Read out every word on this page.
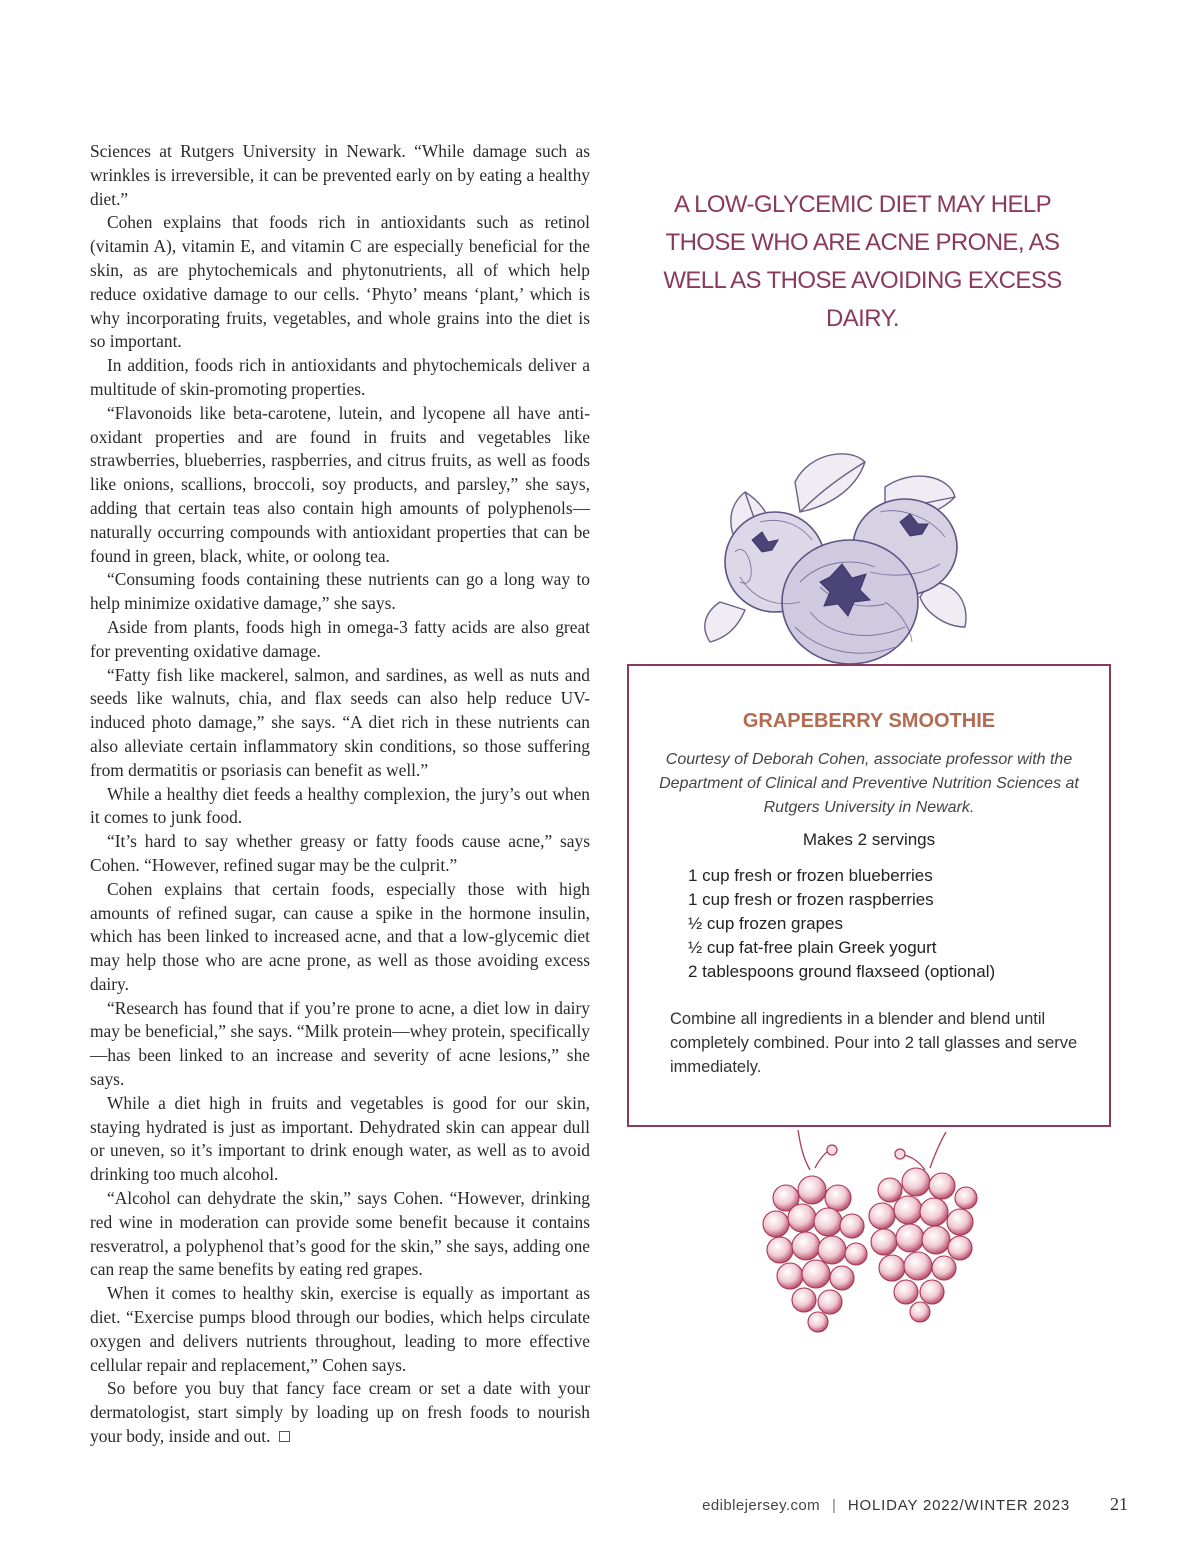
Sciences at Rutgers University in Newark. “While damage such as wrinkles is irreversible, it can be prevented early on by eating a healthy diet.”

Cohen explains that foods rich in antioxidants such as retinol (vitamin A), vitamin E, and vitamin C are especially beneficial for the skin, as are phytochemicals and phytonutrients, all of which help reduce oxidative damage to our cells. ‘Phyto’ means ‘plant,’ which is why incorporating fruits, vegetables, and whole grains into the diet is so important.

In addition, foods rich in antioxidants and phytochemicals deliver a multitude of skin-promoting properties.

“Flavonoids like beta-carotene, lutein, and lycopene all have anti-oxidant properties and are found in fruits and vegetables like strawberries, blueberries, raspberries, and citrus fruits, as well as foods like onions, scallions, broccoli, soy products, and parsley,” she says, adding that certain teas also contain high amounts of polyphenols—naturally occurring compounds with antioxidant properties that can be found in green, black, white, or oolong tea.

“Consuming foods containing these nutrients can go a long way to help minimize oxidative damage,” she says.

Aside from plants, foods high in omega-3 fatty acids are also great for preventing oxidative damage.

“Fatty fish like mackerel, salmon, and sardines, as well as nuts and seeds like walnuts, chia, and flax seeds can also help reduce UV-induced photo damage,” she says. “A diet rich in these nutrients can also alleviate certain inflammatory skin conditions, so those suffering from dermatitis or psoriasis can benefit as well.”

While a healthy diet feeds a healthy complexion, the jury’s out when it comes to junk food.

“It’s hard to say whether greasy or fatty foods cause acne,” says Cohen. “However, refined sugar may be the culprit.”

Cohen explains that certain foods, especially those with high amounts of refined sugar, can cause a spike in the hormone insulin, which has been linked to increased acne, and that a low-glycemic diet may help those who are acne prone, as well as those avoiding excess dairy.

“Research has found that if you’re prone to acne, a diet low in dairy may be beneficial,” she says. “Milk protein—whey protein, specifically—has been linked to an increase and severity of acne lesions,” she says.

While a diet high in fruits and vegetables is good for our skin, staying hydrated is just as important. Dehydrated skin can appear dull or uneven, so it’s important to drink enough water, as well as to avoid drinking too much alcohol.

“Alcohol can dehydrate the skin,” says Cohen. “However, drinking red wine in moderation can provide some benefit because it contains resveratrol, a polyphenol that’s good for the skin,” she says, adding one can reap the same benefits by eating red grapes.

When it comes to healthy skin, exercise is equally as important as diet. “Exercise pumps blood through our bodies, which helps circulate oxygen and delivers nutrients throughout, leading to more effective cellular repair and replacement,” Cohen says.

So before you buy that fancy face cream or set a date with your dermatologist, start simply by loading up on fresh foods to nourish your body, inside and out.

A LOW-GLYCEMIC DIET MAY HELP THOSE WHO ARE ACNE PRONE, AS WELL AS THOSE AVOIDING EXCESS DAIRY.
GRAPEBERRY SMOOTHIE
Courtesy of Deborah Cohen, associate professor with the Department of Clinical and Preventive Nutrition Sciences at Rutgers University in Newark.
Makes 2 servings
1 cup fresh or frozen blueberries
1 cup fresh or frozen raspberries
½ cup frozen grapes
½ cup fat-free plain Greek yogurt
2 tablespoons ground flaxseed (optional)
Combine all ingredients in a blender and blend until completely combined. Pour into 2 tall glasses and serve immediately.
ediblejersey.com | HOLIDAY 2022/WINTER 2023 21
